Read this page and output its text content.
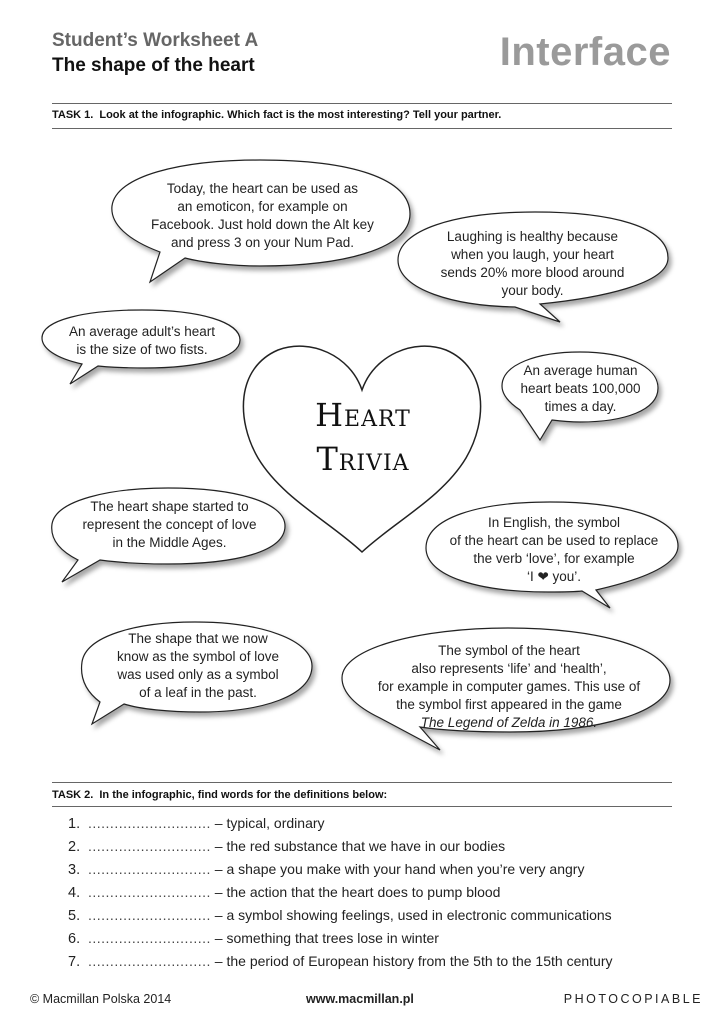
Student’s Worksheet A
The shape of the heart	Interface
TASK 1. Look at the infographic. Which fact is the most interesting? Tell your partner.
Heart
Trivia
Today, the heart can be used as
an emoticon, for example on
Facebook. Just hold down the Alt key
and press 3 on your Num Pad.	Laughing is healthy because
when you laugh, your heart
sends 20% more blood around
your body.
An average adult’s heart
is the size of two fists.
An average human
heart beats 100,000
times a day.
The heart shape started to
represent the concept of love
in the Middle Ages.
In English, the symbol
of the heart can be used to replace
the verb ‘love’, for example
‘I ❤ you’.
The shape that we now
know as the symbol of love
was used only as a symbol
of a leaf in the past.
The symbol of the heart
also represents ‘life’ and ‘health’,
for example in computer games. This use of
the symbol first appeared in the game
The Legend of Zelda in 1986.
TASK 2. In the infographic, find words for the definitions below:
1. ............................ – typical, ordinary
2. ............................ – the red substance that we have in our bodies
3. ............................ – a shape you make with your hand when you’re very angry
4. ............................ – the action that the heart does to pump blood
5. ............................ – a symbol showing feelings, used in electronic communications
6. ............................ – something that trees lose in winter
7. ............................ – the period of European history from the 5th to the 15th century
© Macmillan Polska 2014	www.macmillan.pl	PHOTOCOPIABLE
